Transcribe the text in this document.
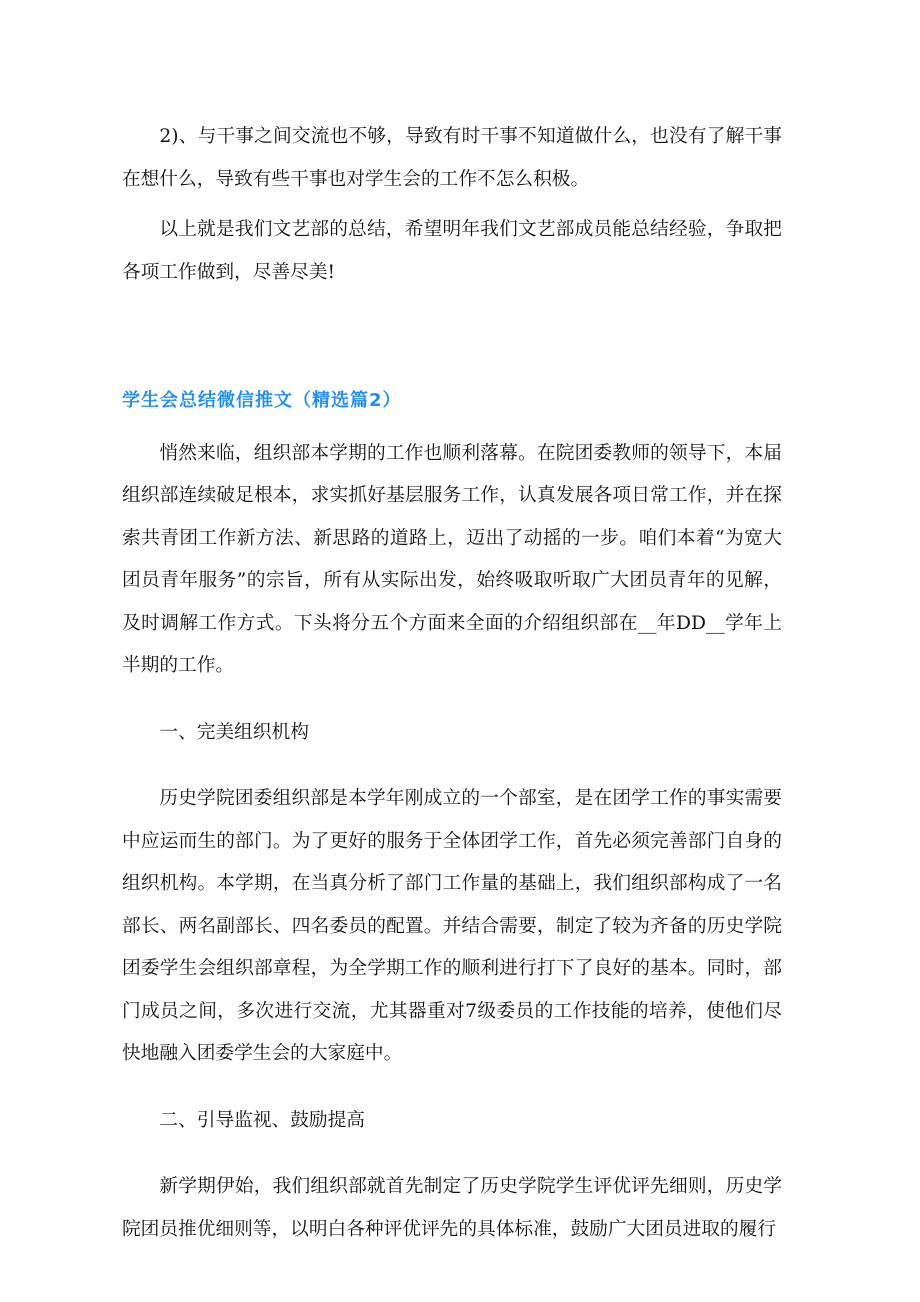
2)、与干事之间交流也不够，导致有时干事不知道做什么，也没有了解干事在想什么，导致有些干事也对学生会的工作不怎么积极。

以上就是我们文艺部的总结，希望明年我们文艺部成员能总结经验，争取把各项工作做到，尽善尽美!

学生会总结微信推文（精选篇2）

悄然来临，组织部本学期的工作也顺利落幕。在院团委教师的领导下，本届组织部连续破足根本，求实抓好基层服务工作，认真发展各项日常工作，并在探索共青团工作新方法、新思路的道路上，迈出了动摇的一步。咱们本着“为宽大团员青年服务”的宗旨，所有从实际出发，始终吸取听取广大团员青年的见解，及时调解工作方式。下头将分五个方面来全面的介绍组织部在__年DD__学年上半期的工作。

一、完美组织机构

历史学院团委组织部是本学年刚成立的一个部室，是在团学工作的事实需要中应运而生的部门。为了更好的服务于全体团学工作，首先必须完善部门自身的组织机构。本学期，在当真分析了部门工作量的基础上，我们组织部构成了一名部长、两名副部长、四名委员的配置。并结合需要，制定了较为齐备的历史学院团委学生会组织部章程，为全学期工作的顺利进行打下了良好的基本。同时，部门成员之间，多次进行交流，尤其器重对7级委员的工作技能的培养，使他们尽快地融入团委学生会的大家庭中。

二、引导监视、鼓励提高

新学期伊始，我们组织部就首先制定了历史学院学生评优评先细则，历史学院团员推优细则等，以明白各种评优评先的具体标准，鼓励广大团员进取的履行
